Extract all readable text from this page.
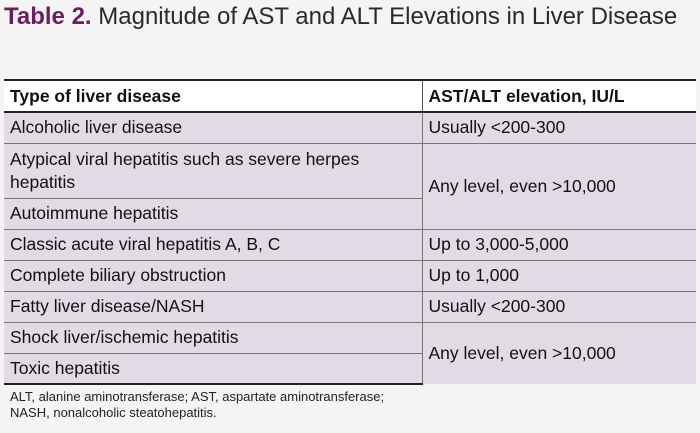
Table 2. Magnitude of AST and ALT Elevations in Liver Disease
Type of liver disease	AST/ALT elevation, IU/L
Alcoholic liver disease	Usually <200-300
Atypical viral hepatitis such as severe herpes hepatitis	Any level, even >10,000
Autoimmune hepatitis	
Classic acute viral hepatitis A, B, C	Up to 3,000-5,000
Complete biliary obstruction	Up to 1,000
Fatty liver disease/NASH	Usually <200-300
Shock liver/ischemic hepatitis	Any level, even >10,000
Toxic hepatitis	
ALT, alanine aminotransferase; AST, aspartate aminotransferase;
NASH, nonalcoholic steatohepatitis.
